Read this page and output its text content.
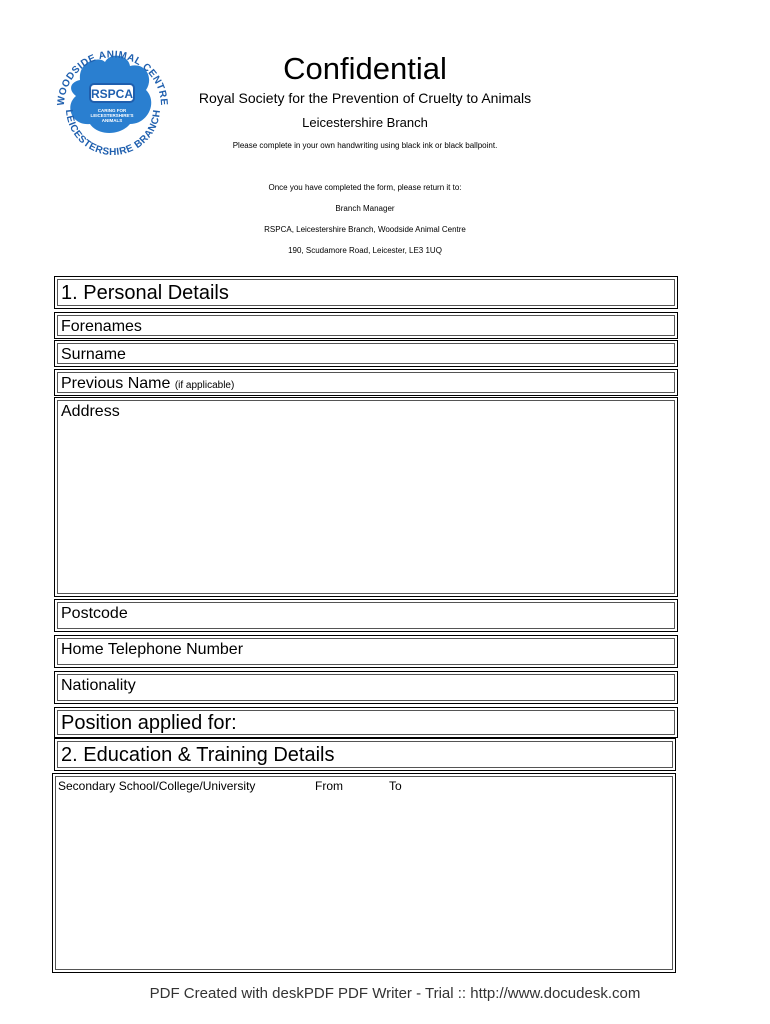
RSPCA
CARING FOR
LEICESTERSHIRE'S
ANIMALS
WOODSIDE ANIMAL CENTRE
LEICESTERSHIRE BRANCH
Confidential
Royal Society for the Prevention of Cruelty to Animals
Leicestershire Branch
Please complete in your own handwriting using black ink or black ballpoint.
Once you have completed the form, please return it to:
Branch Manager
RSPCA, Leicestershire Branch, Woodside Animal Centre
190, Scudamore Road, Leicester, LE3 1UQ
1. Personal Details
Forenames
Surname
Previous Name (if applicable)
Address
Postcode
Home Telephone Number
Nationality
Position applied for:
2. Education & Training Details
Secondary School/College/University	From	To
PDF Created with deskPDF PDF Writer - Trial :: http://www.docudesk.com
